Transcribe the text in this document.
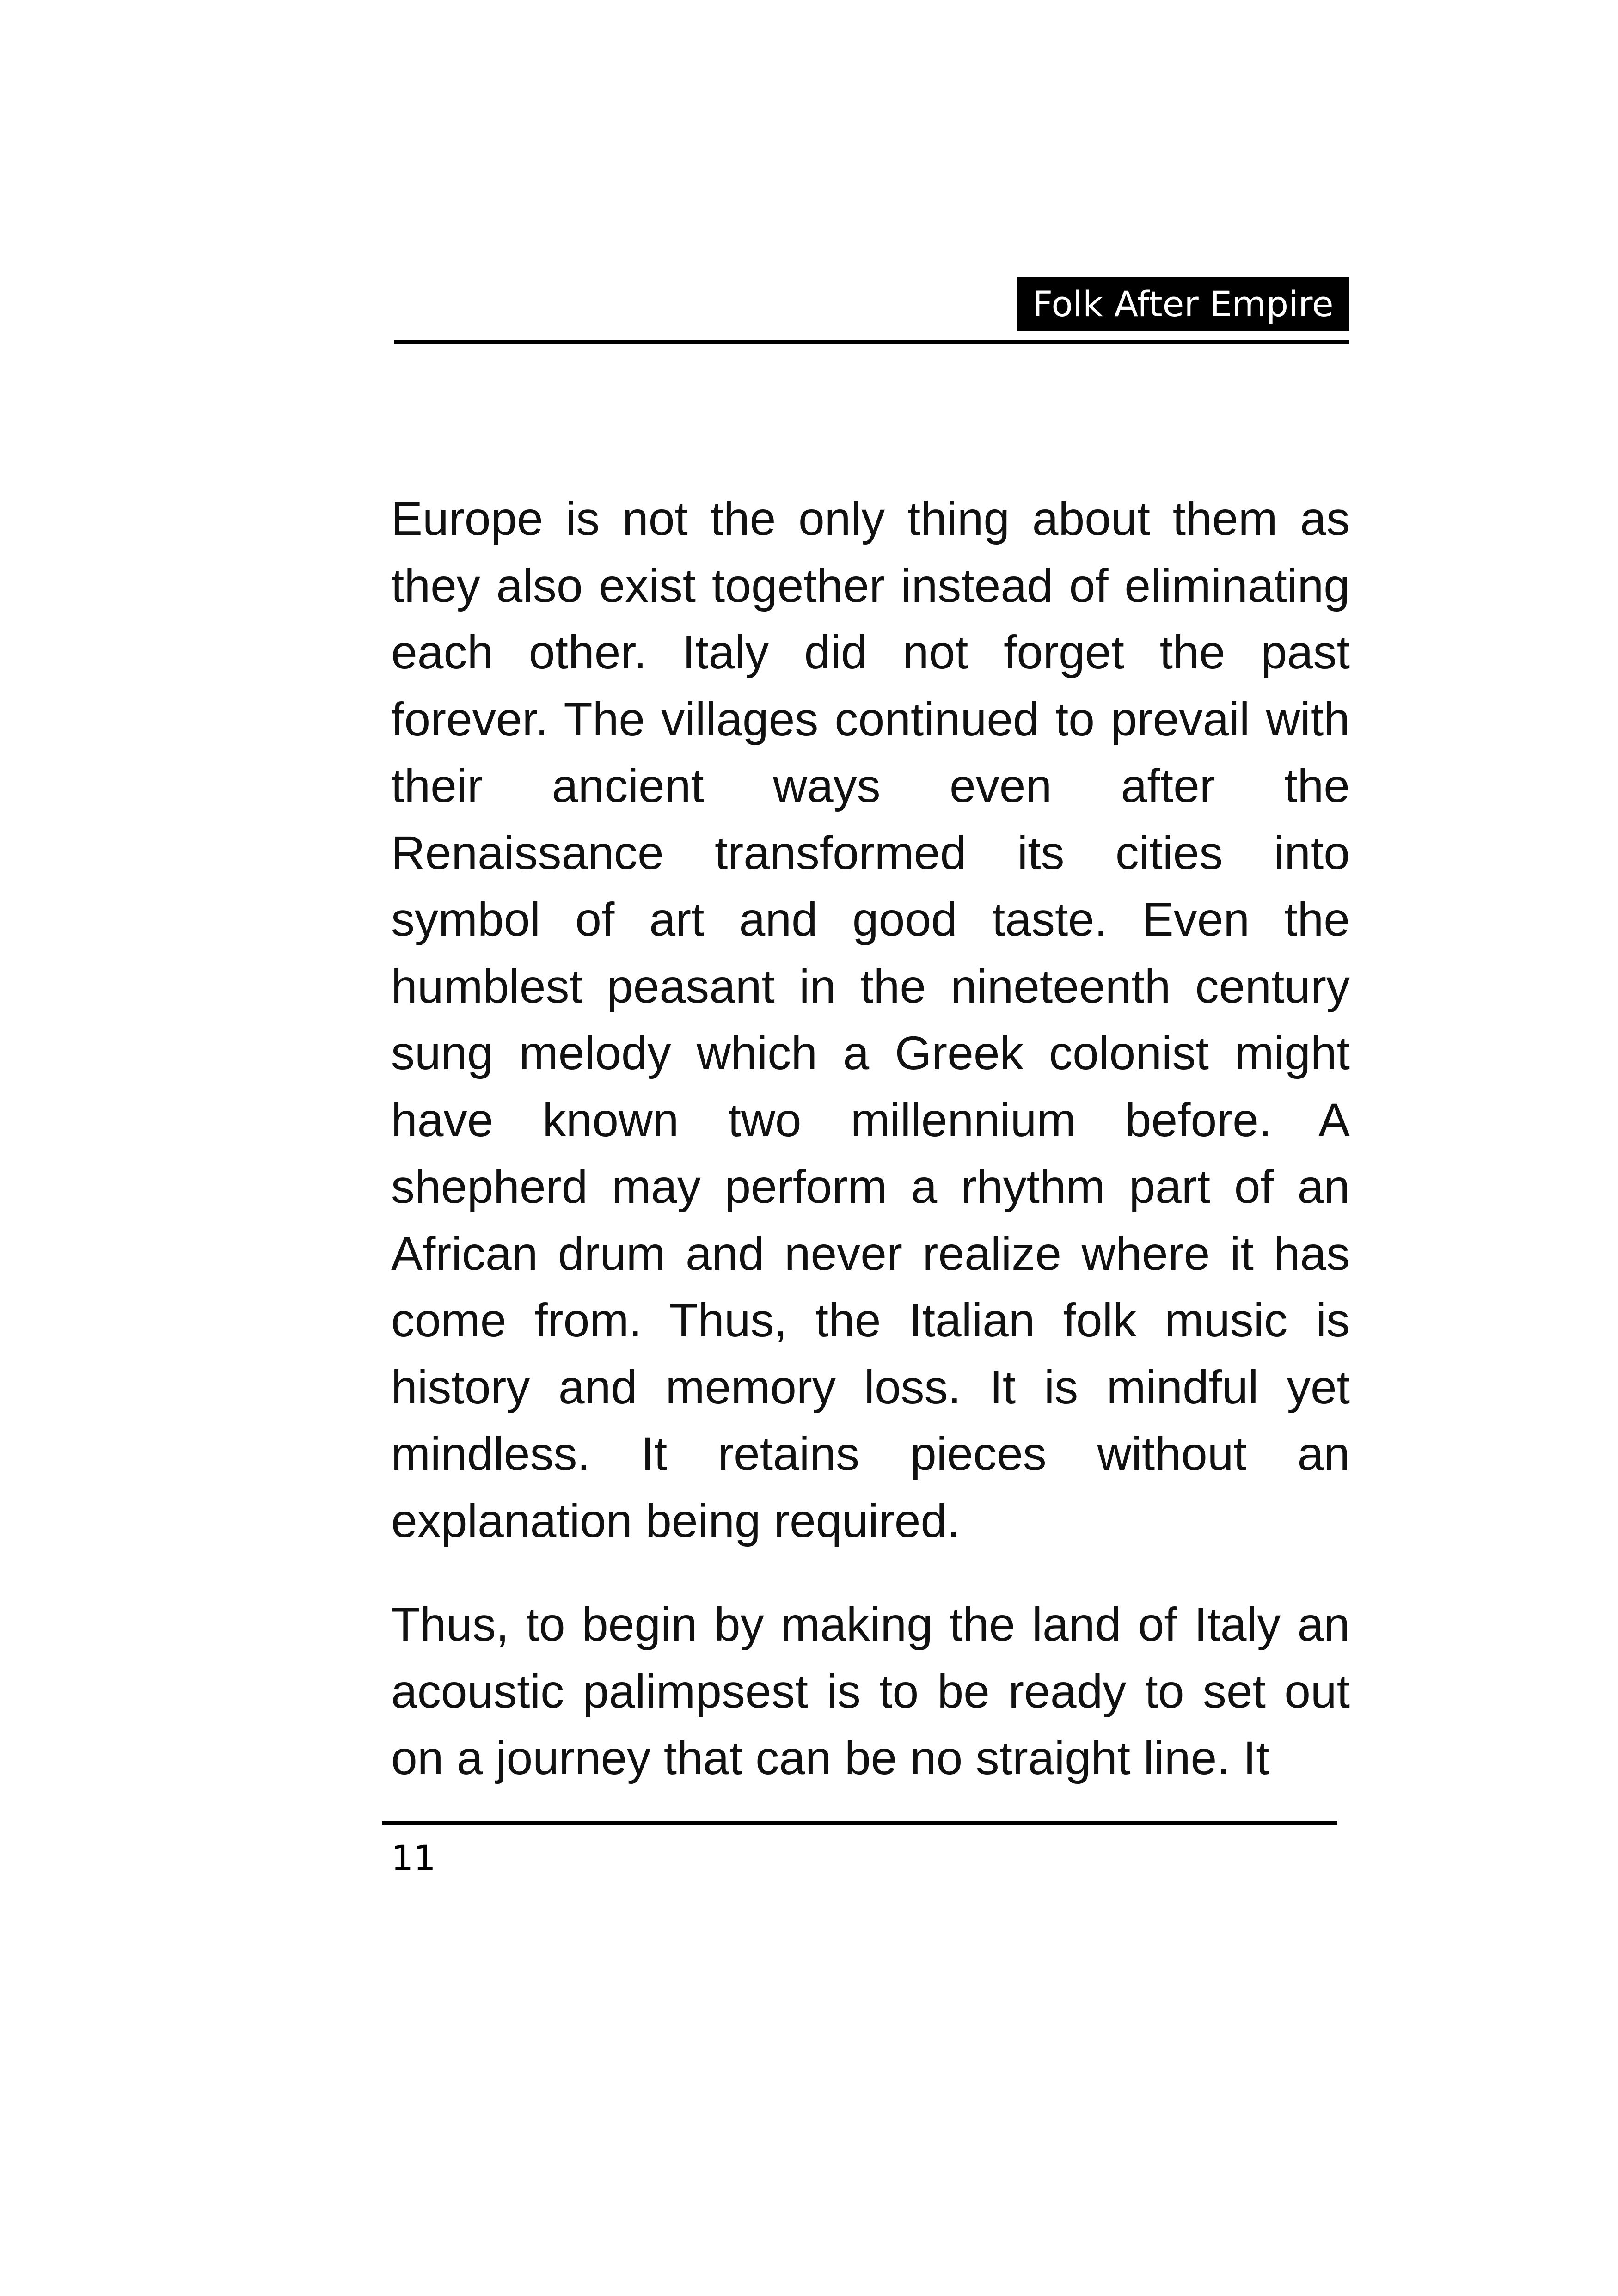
Folk After Empire

Europe is not the only thing about them as they also exist together instead of eliminating each other. Italy did not forget the past forever. The villages continued to prevail with their ancient ways even after the Renaissance transformed its cities into symbol of art and good taste. Even the humblest peasant in the nineteenth century sung melody which a Greek colonist might have known two millennium before. A shepherd may perform a rhythm part of an African drum and never realize where it has come from. Thus, the Italian folk music is history and memory loss. It is mindful yet mindless. It retains pieces without an explanation being required.

Thus, to begin by making the land of Italy an acoustic palimpsest is to be ready to set out on a journey that can be no straight line. It

11
